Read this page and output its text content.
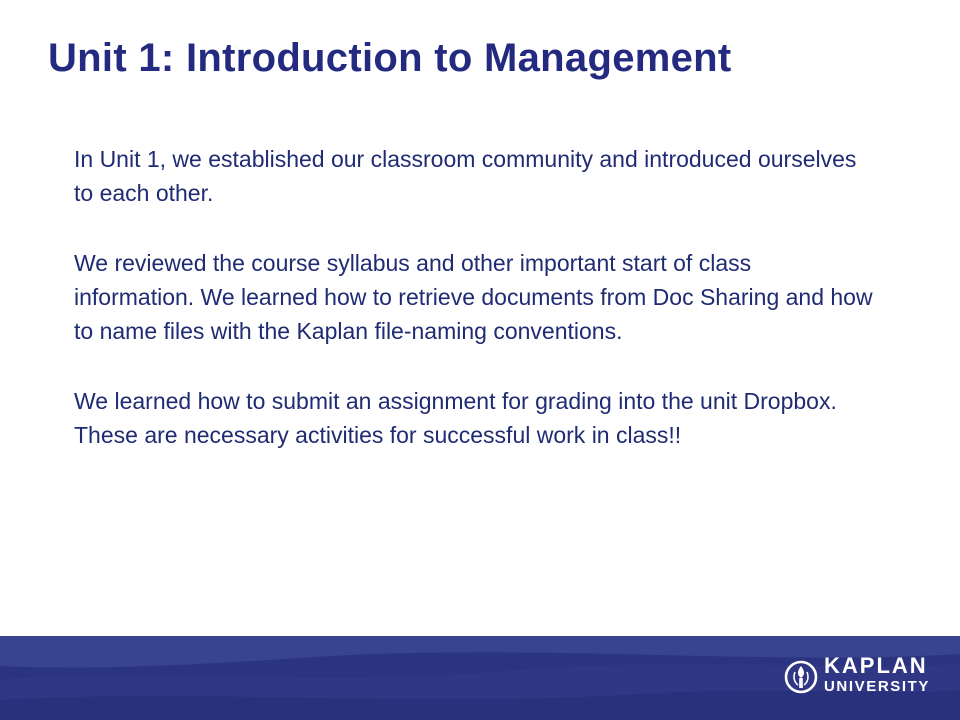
Unit 1: Introduction to Management

In Unit 1, we established our classroom community and introduced ourselves to each other.

We reviewed the course syllabus and other important start of class information. We learned how to retrieve documents from Doc Sharing and how to name files with the Kaplan file-naming conventions.

We learned how to submit an assignment for grading into the unit Dropbox. These are necessary activities for successful work in class!!

KAPLAN
UNIVERSITY
